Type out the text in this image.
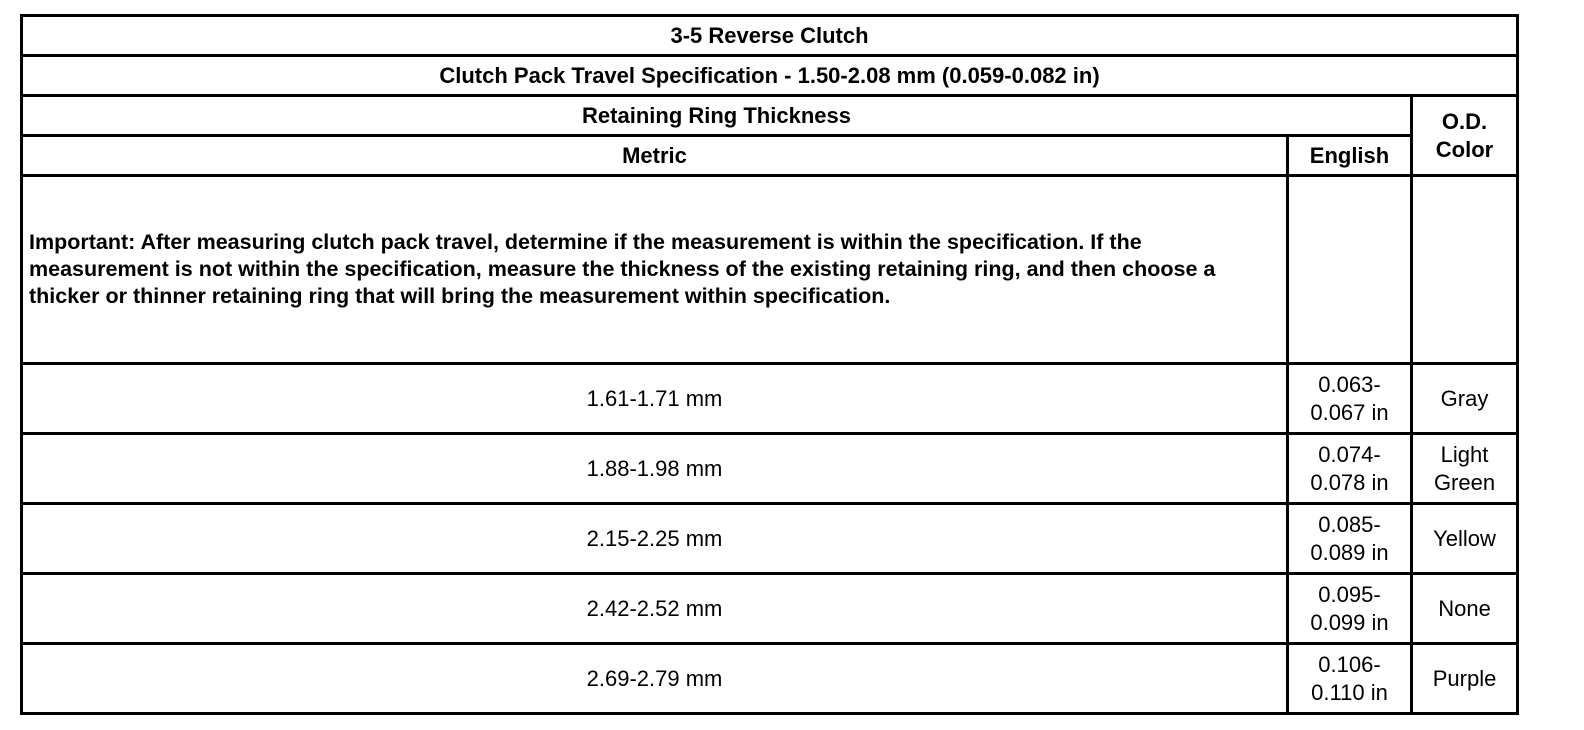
3-5 Reverse Clutch		
Clutch Pack Travel Specification - 1.50-2.08 mm (0.059-0.082 in)		
Retaining Ring Thickness		O.D. Color
Metric	English	
Important: After measuring clutch pack travel, determine if the measurement is within the specification. If the measurement is not within the specification, measure the thickness of the existing retaining ring, and then choose a thicker or thinner retaining ring that will bring the measurement within specification.		
1.61-1.71 mm	0.063-0.067 in	Gray
1.88-1.98 mm	0.074-0.078 in	Light Green
2.15-2.25 mm	0.085-0.089 in	Yellow
2.42-2.52 mm	0.095-0.099 in	None
2.69-2.79 mm	0.106-0.110 in	Purple
